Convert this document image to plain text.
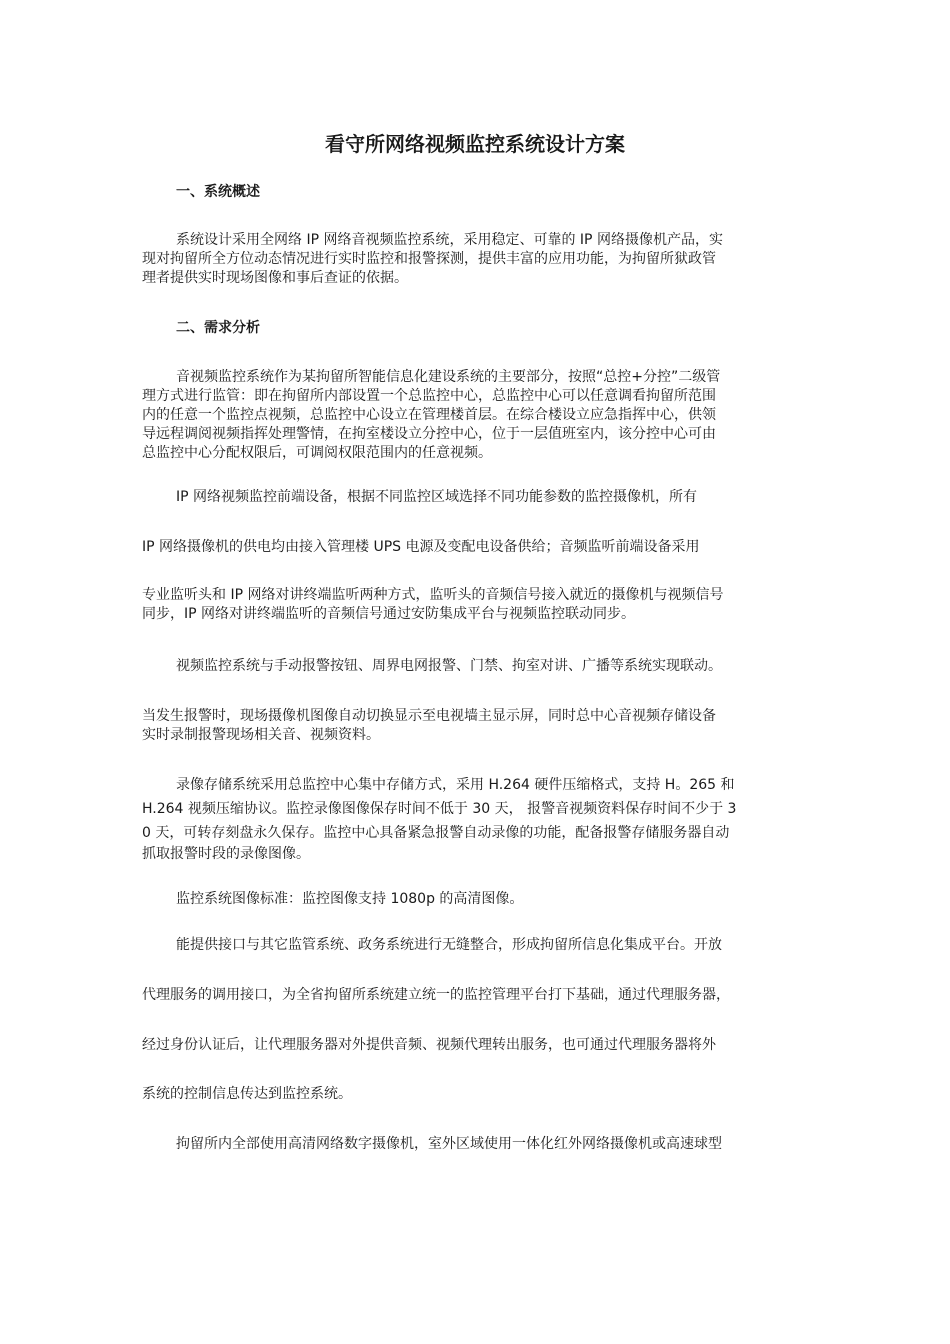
看守所网络视频监控系统设计方案
一、系统概述

系统设计采用全网络 IP 网络音视频监控系统，采用稳定、可靠的 IP 网络摄像机产品，实
现对拘留所全方位动态情况进行实时监控和报警探测，提供丰富的应用功能，为拘留所狱政管
理者提供实时现场图像和事后查证的依据。

二、需求分析

音视频监控系统作为某拘留所智能信息化建设系统的主要部分，按照“总控+分控”二级管
理方式进行监管：即在拘留所内部设置一个总监控中心，总监控中心可以任意调看拘留所范围
内的任意一个监控点视频，总监控中心设立在管理楼首层。在综合楼设立应急指挥中心，供领
导远程调阅视频指挥处理警情，在拘室楼设立分控中心，位于一层值班室内，该分控中心可由
总监控中心分配权限后，可调阅权限范围内的任意视频。

IP 网络视频监控前端设备，根据不同监控区域选择不同功能参数的监控摄像机，所有

IP 网络摄像机的供电均由接入管理楼 UPS 电源及变配电设备供给；音频监听前端设备采用

专业监听头和 IP 网络对讲终端监听两种方式，监听头的音频信号接入就近的摄像机与视频信号
同步，IP 网络对讲终端监听的音频信号通过安防集成平台与视频监控联动同步。

视频监控系统与手动报警按钮、周界电网报警、门禁、拘室对讲、广播等系统实现联动。

当发生报警时，现场摄像机图像自动切换显示至电视墙主显示屏，同时总中心音视频存储设备
实时录制报警现场相关音、视频资料。

录像存储系统采用总监控中心集中存储方式，采用 H.264 硬件压缩格式，支持 H。265 和
H.264 视频压缩协议。监控录像图像保存时间不低于 30 天， 报警音视频资料保存时间不少于 3
0 天，可转存刻盘永久保存。监控中心具备紧急报警自动录像的功能，配备报警存储服务器自动
抓取报警时段的录像图像。

监控系统图像标准：监控图像支持 1080p 的高清图像。

能提供接口与其它监管系统、政务系统进行无缝整合，形成拘留所信息化集成平台。开放

代理服务的调用接口，为全省拘留所系统建立统一的监控管理平台打下基础，通过代理服务器，

经过身份认证后，让代理服务器对外提供音频、视频代理转出服务，也可通过代理服务器将外

系统的控制信息传达到监控系统。

拘留所内全部使用高清网络数字摄像机，室外区域使用一体化红外网络摄像机或高速球型
